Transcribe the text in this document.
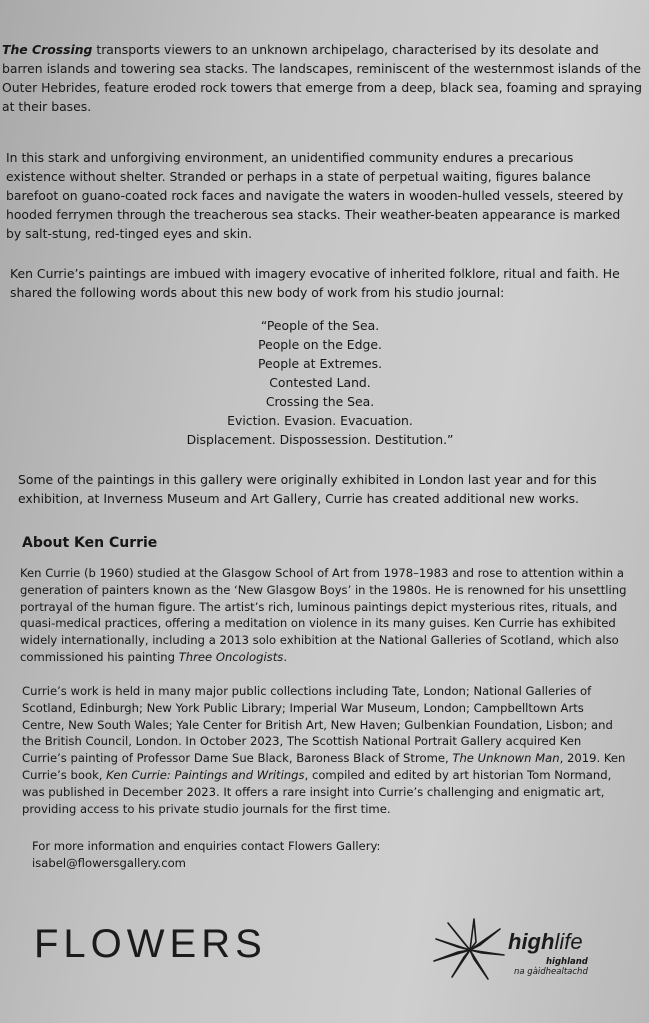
The Crossing transports viewers to an unknown archipelago, characterised by its desolate and barren islands and towering sea stacks. The landscapes, reminiscent of the westernmost islands of the Outer Hebrides, feature eroded rock towers that emerge from a deep, black sea, foaming and spraying at their bases.

In this stark and unforgiving environment, an unidentified community endures a precarious existence without shelter. Stranded or perhaps in a state of perpetual waiting, figures balance barefoot on guano-coated rock faces and navigate the waters in wooden-hulled vessels, steered by hooded ferrymen through the treacherous sea stacks. Their weather-beaten appearance is marked by salt-stung, red-tinged eyes and skin.

Ken Currie’s paintings are imbued with imagery evocative of inherited folklore, ritual and faith. He shared the following words about this new body of work from his studio journal:

“People of the Sea.
People on the Edge.
People at Extremes.
Contested Land.
Crossing the Sea.
Eviction. Evasion. Evacuation.
Displacement. Dispossession. Destitution.”

Some of the paintings in this gallery were originally exhibited in London last year and for this exhibition, at Inverness Museum and Art Gallery, Currie has created additional new works.

About Ken Currie

Ken Currie (b 1960) studied at the Glasgow School of Art from 1978–1983 and rose to attention within a generation of painters known as the ‘New Glasgow Boys’ in the 1980s. He is renowned for his unsettling portrayal of the human figure. The artist’s rich, luminous paintings depict mysterious rites, rituals, and quasi-medical practices, offering a meditation on violence in its many guises. Ken Currie has exhibited widely internationally, including a 2013 solo exhibition at the National Galleries of Scotland, which also commissioned his painting Three Oncologists.

Currie’s work is held in many major public collections including Tate, London; National Galleries of Scotland, Edinburgh; New York Public Library; Imperial War Museum, London; Campbelltown Arts Centre, New South Wales; Yale Center for British Art, New Haven; Gulbenkian Foundation, Lisbon; and the British Council, London. In October 2023, The Scottish National Portrait Gallery acquired Ken Currie’s painting of Professor Dame Sue Black, Baroness Black of Strome, The Unknown Man, 2019. Ken Currie’s book, Ken Currie: Paintings and Writings, compiled and edited by art historian Tom Normand, was published in December 2023. It offers a rare insight into Currie’s challenging and enigmatic art, providing access to his private studio journals for the first time.

For more information and enquiries contact Flowers Gallery:
isabel@flowersgallery.com
FLOWERS	highlife
highland
na gàidhealtachd
